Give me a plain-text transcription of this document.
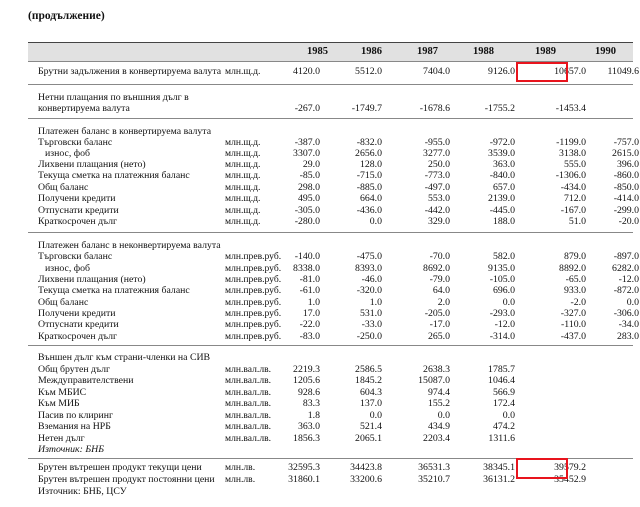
(продължение)
1985	1986	1987	1988	1989	1990
Брутни задължения в конвертируема валута млн.щ.д.	4120.0	5512.0	7404.0	9126.0	10657.0	11049.6
Нетни плащания по външния дълг в
конвертируема валута	-267.0	-1749.7	-1678.6	-1755.2	-1453.4
Платежен баланс в конвертируема валута
Търговски баланс	млн.щ.д.	-387.0	-832.0	-955.0	-972.0	-1199.0	-757.0
износ, фоб	млн.щ.д.	3307.0	2656.0	3277.0	3539.0	3138.0	2615.0
Лихвени плащания (нето)	млн.щ.д.	29.0	128.0	250.0	363.0	555.0	396.0
Текуща сметка на платежния баланс	млн.щ.д.	-85.0	-715.0	-773.0	-840.0	-1306.0	-860.0
Общ баланс	млн.щ.д.	298.0	-885.0	-497.0	657.0	-434.0	-850.0
Получени кредити	млн.щ.д.	495.0	664.0	553.0	2139.0	712.0	-414.0
Отпуснати кредити	млн.щ.д.	-305.0	-436.0	-442.0	-445.0	-167.0	-299.0
Краткосрочен дълг	млн.щ.д.	-280.0	0.0	329.0	188.0	51.0	-20.0
Платежен баланс в неконвертируема валута
Търговски баланс	млн.прев.руб.	-140.0	-475.0	-70.0	582.0	879.0	-897.0
износ, фоб	млн.прев.руб.	8338.0	8393.0	8692.0	9135.0	8892.0	6282.0
Лихвени плащания (нето)	млн.прев.руб.	-81.0	-46.0	-79.0	-105.0	-65.0	-12.0
Текуща сметка на платежния баланс	млн.прев.руб.	-61.0	-320.0	64.0	696.0	933.0	-872.0
Общ баланс	млн.прев.руб.	1.0	1.0	2.0	0.0	-2.0	0.0
Получени кредити	млн.прев.руб.	17.0	531.0	-205.0	-293.0	-327.0	-306.0
Отпуснати кредити	млн.прев.руб.	-22.0	-33.0	-17.0	-12.0	-110.0	-34.0
Краткосрочен дълг	млн.прев.руб.	-83.0	-250.0	265.0	-314.0	-437.0	283.0
Външен дълг към страни-членки на СИВ
Общ брутен дълг	млн.вал.лв.	2219.3	2586.5	2638.3	1785.7
Междуправителствени	млн.вал.лв.	1205.6	1845.2	15087.0	1046.4
Към МБИС	млн.вал.лв.	928.6	604.3	974.4	566.9
Към МИБ	млн.вал.лв.	83.3	137.0	155.2	172.4
Пасив по клиринг	млн.вал.лв.	1.8	0.0	0.0	0.0
Вземания на НРБ	млн.вал.лв.	363.0	521.4	434.9	474.2
Нетен дълг	млн.вал.лв.	1856.3	2065.1	2203.4	1311.6
Източник: БНБ
Брутен вътрешен продукт текущи цени млн.лв.	32595.3	34423.8	36531.3	38345.1	39579.2
Брутен вътрешен продукт постоянни цени млн.лв.	31860.1	33200.6	35210.7	36131.2	35452.9
Източник: БНБ, ЦСУ
